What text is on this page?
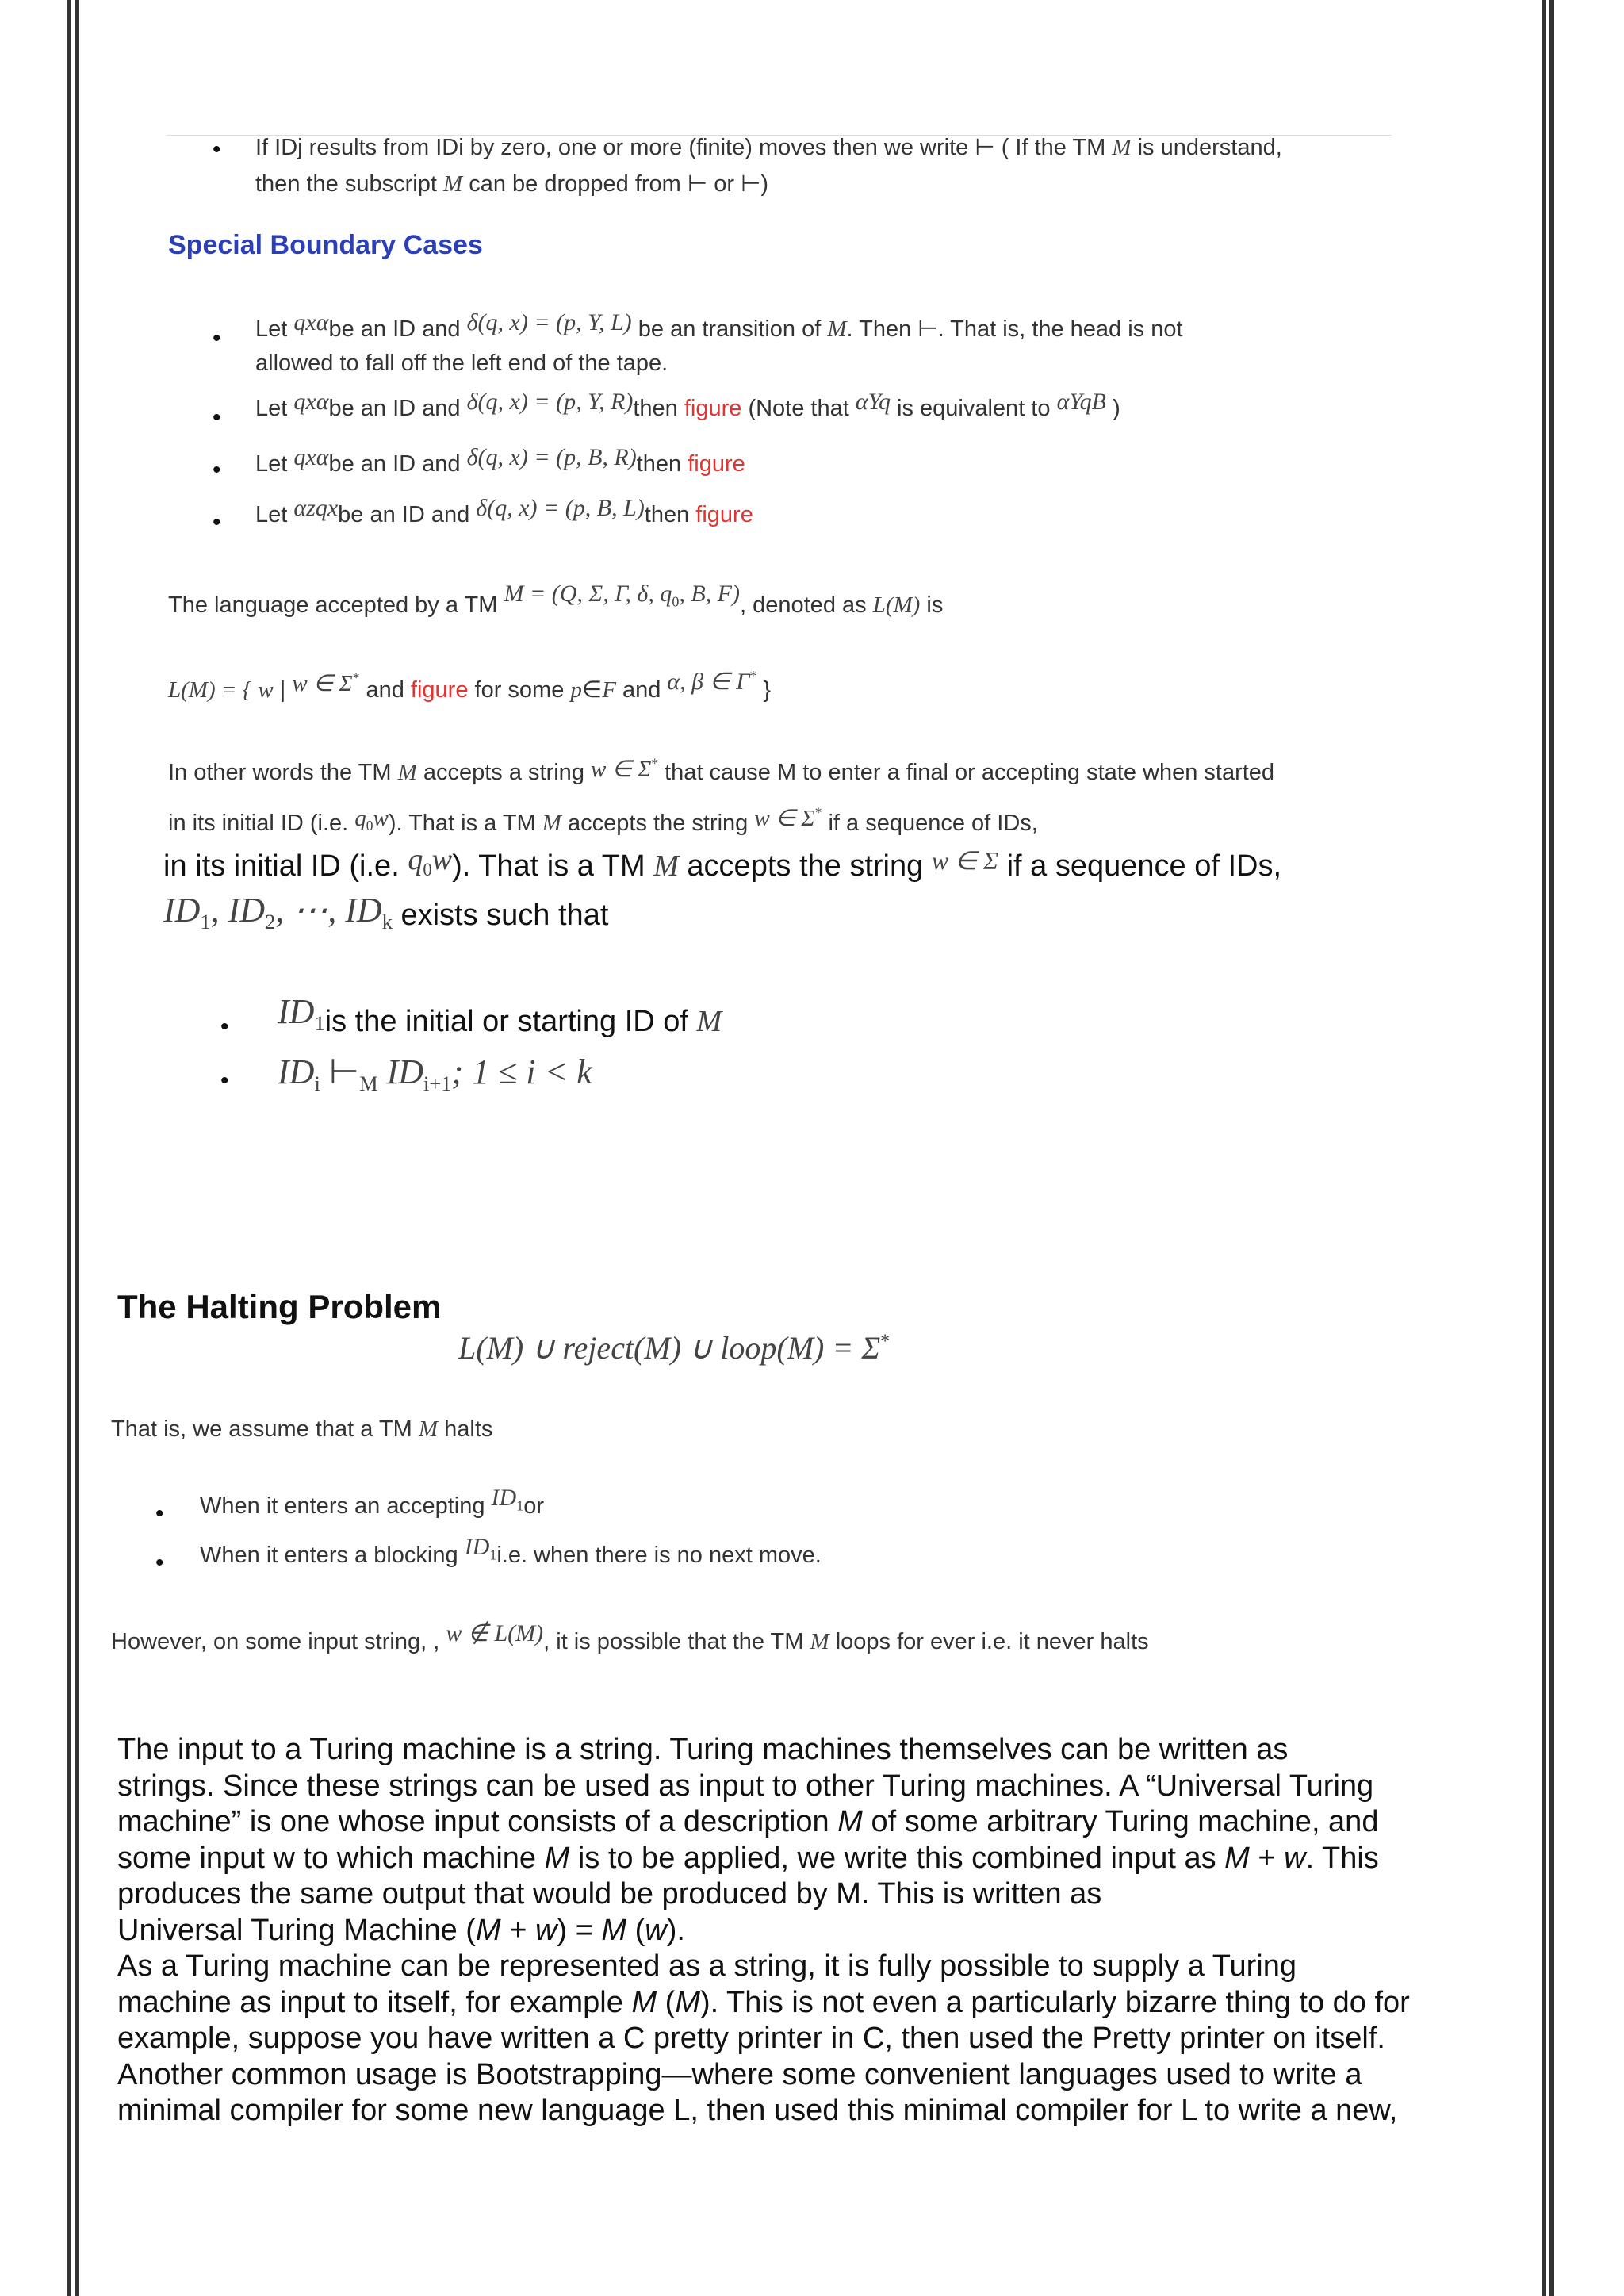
• If IDj results from IDi by zero, one or more (finite) moves then we write ⊢ ( If the TM M is understand,
then the subscript M can be dropped from ⊢ or ⊢)
Special Boundary Cases
• Let qxαbe an ID and δ(q, x) = (p, Y, L) be an transition of M. Then ⊢. That is, the head is not
allowed to fall off the left end of the tape.
• Let qxαbe an ID and δ(q, x) = (p, Y, R)then figure (Note that αYq is equivalent to αYqB )
• Let qxαbe an ID and δ(q, x) = (p, B, R)then figure
• Let αzqxbe an ID and δ(q, x) = (p, B, L)then figure
The language accepted by a TM M = (Q, Σ, Γ, δ, $q_0$, B, F), denoted as L(M) is
L(M) = { w | w ∈ Σ* and figure for some p∈F and α, β ∈ Γ* }
In other words the TM M accepts a string w ∈ Σ* that cause M to enter a final or accepting state when started
in its initial ID (i.e. $q_0w$). That is a TM M accepts the string w ∈ Σ* if a sequence of IDs,
in its initial ID (i.e. $q_0w$). That is a TM M accepts the string $^{w \in \Sigma}$ if a sequence of IDs,
$ID_1$, $ID_2$, ⋯, $ID_k$ exists such that
• $ID_1is$ the initial or starting ID of M
• $ID_i$ $⊢_M$ $ID_{i+1}$; 1 ≤ i < k
The Halting Problem
L(M) ∪ reject(M) ∪ loop(M) = Σ*
That is, we assume that a TM M halts
• When it enters an accepting $ID_1or$
• When it enters a blocking $ID_1i.e$. when there is no next move.
However, on some input string, , w ∉ L(M), it is possible that the TM M loops for ever i.e. it never halts
The input to a Turing machine is a string. Turing machines themselves can be written as
strings. Since these strings can be used as input to other Turing machines. A “Universal Turing
machine” is one whose input consists of a description M of some arbitrary Turing machine, and
some input w to which machine M is to be applied, we write this combined input as M + w. This
produces the same output that would be produced by M. This is written as
Universal Turing Machine (M + w) = M (w).
As a Turing machine can be represented as a string, it is fully possible to supply a Turing
machine as input to itself, for example M (M). This is not even a particularly bizarre thing to do for
example, suppose you have written a C pretty printer in C, then used the Pretty printer on itself.
Another common usage is Bootstrapping—where some convenient languages used to write a
minimal compiler for some new language L, then used this minimal compiler for L to write a new,
